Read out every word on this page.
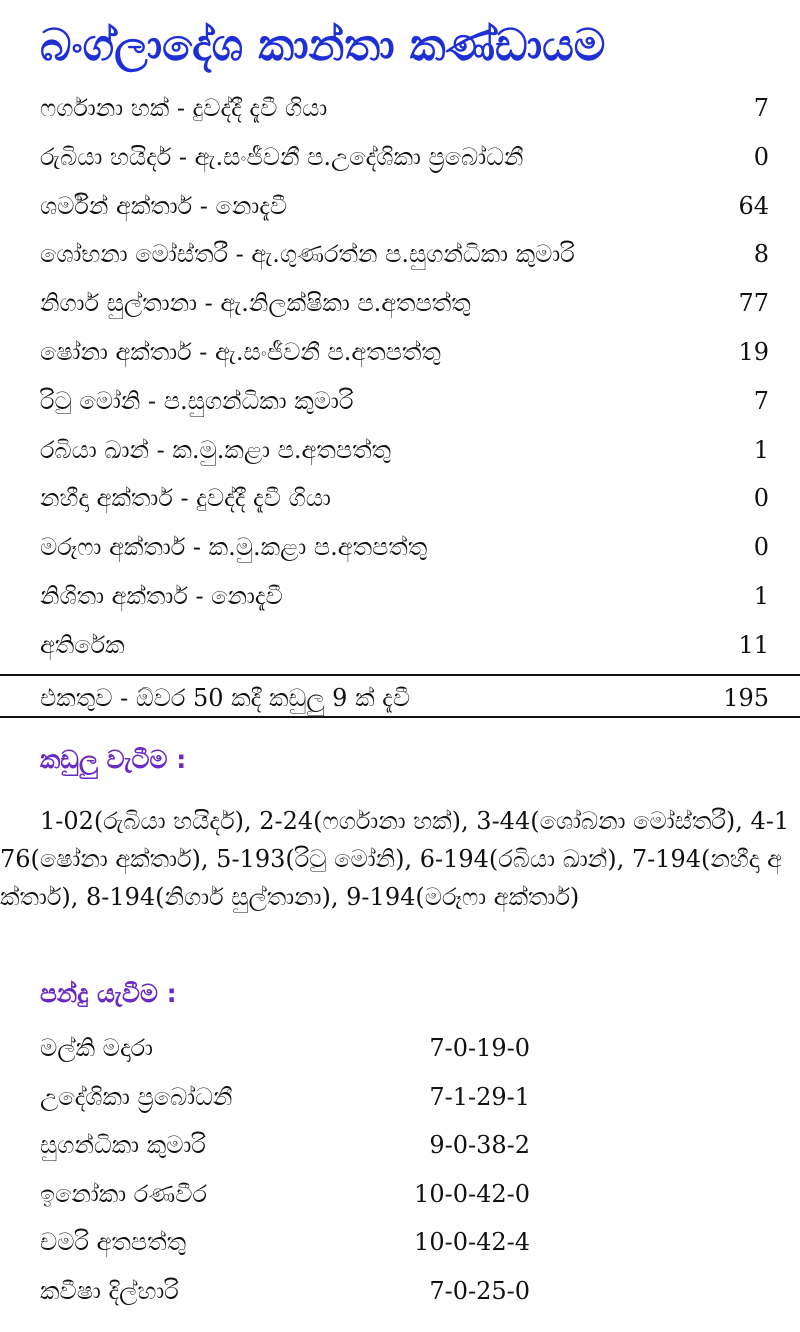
බංග්ලාදේශ කාන්තා කණ්ඩායම
ෆර්ගානා හක් - දුවද්දී දැවී ගියා	7
රුබියා හයිදර් - ඇ.සංජීවනී ප.උදේශිකා ප්‍රබෝධනී	0
ශර්මින් අක්තාර් - නොදැවී	64
ශෝභනා මෝස්තරී - ඇ.ගුණරත්න ප.සුගන්ධිකා කුමාරි	8
නිගාර් සුල්තානා - ඇ.නිලක්ෂිකා ප.අතපත්තු	77
ෂෝනා අක්තාර් - ඇ.සංජීවනී ප.අතපත්තු	19
රිටු මෝනි - ප.සුගන්ධිකා කුමාරි	7
රබියා ඛාන් - ක.මු.කළා ප.අතපත්තු	1
නහීදා අක්තාර් - දුවද්දී දැවී ගියා	0
මරූෆා අක්තාර් - ක.මු.කළා ප.අතපත්තු	0
නිශිතා අක්තාර් - නොදැවී	1
අතිරේක	11
එකතුව - ඕවර 50 කදී කඩුලු 9 ක් දැවී	195
කඩුලු වැටීම :
1-02(රුබියා හයිදර්), 2-24(ෆර්ගානා හක්), 3-44(ශෝබනා මෝස්තරී), 4-176(ෂෝනා අක්තාර්), 5-193(රිටු මෝනි), 6-194(රබියා ඛාන්), 7-194(නහීදා අක්තාර්), 8-194(නිගාර් සුල්තානා), 9-194(මරූෆා අක්තාර්)
පන්දු යැවීම :
මල්කි මදාරා	7-0-19-0
උදේශිකා ප්‍රබෝධනී	7-1-29-1
සුගන්ධිකා කුමාරි	9-0-38-2
ඉනෝකා රණවීර	10-0-42-0
චමරි අතපත්තු	10-0-42-4
කවීෂා දිල්හාරි	7-0-25-0
